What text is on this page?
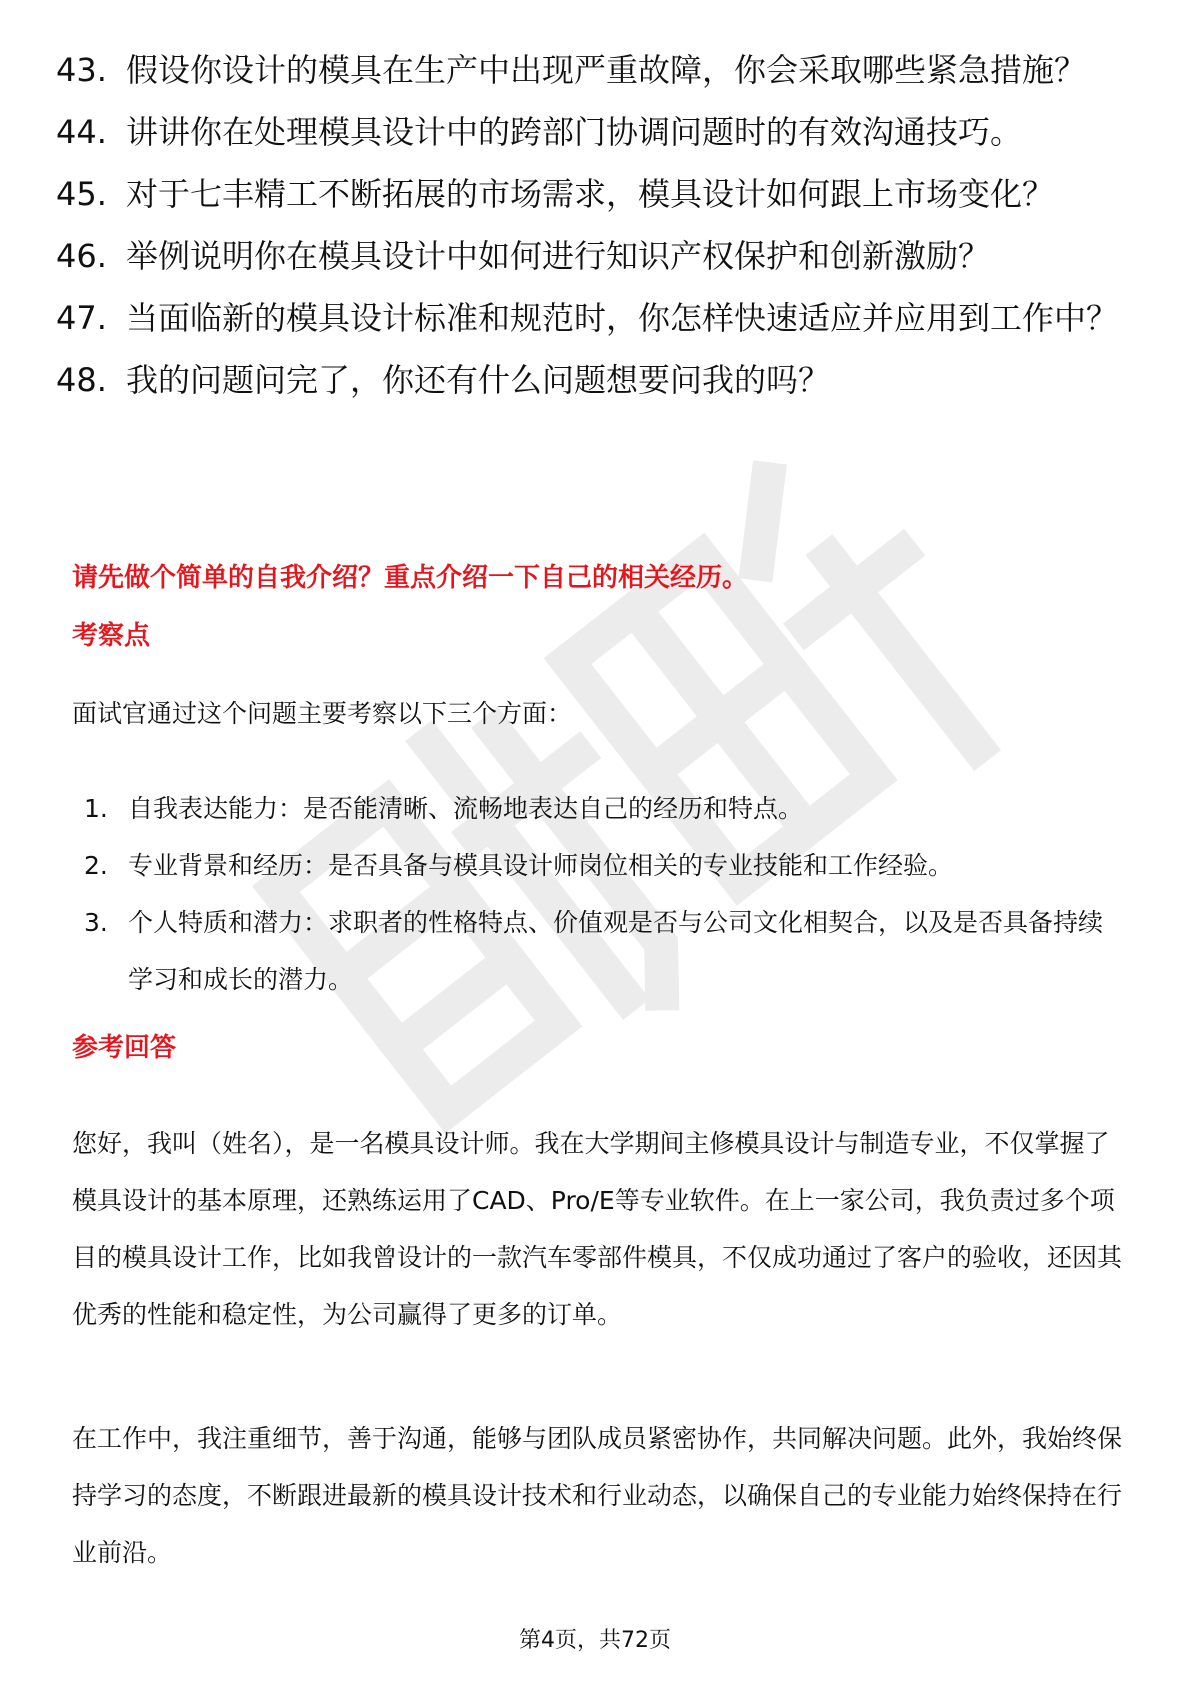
43. 假设你设计的模具在生产中出现严重故障，你会采取哪些紧急措施？
44. 讲讲你在处理模具设计中的跨部门协调问题时的有效沟通技巧。
45. 对于七丰精工不断拓展的市场需求，模具设计如何跟上市场变化？
46. 举例说明你在模具设计中如何进行知识产权保护和创新激励？
47. 当面临新的模具设计标准和规范时，你怎样快速适应并应用到工作中？
48. 我的问题问完了，你还有什么问题想要问我的吗？
请先做个简单的自我介绍？重点介绍一下自己的相关经历。
考察点
面试官通过这个问题主要考察以下三个方面：
1. 自我表达能力：是否能清晰、流畅地表达自己的经历和特点。
2. 专业背景和经历：是否具备与模具设计师岗位相关的专业技能和工作经验。
3. 个人特质和潜力：求职者的性格特点、价值观是否与公司文化相契合，以及是否具备持续学习和成长的潜力。
参考回答
您好，我叫（姓名），是一名模具设计师。我在大学期间主修模具设计与制造专业，不仅掌握了模具设计的基本原理，还熟练运用了CAD、Pro/E等专业软件。在上一家公司，我负责过多个项目的模具设计工作，比如我曾设计的一款汽车零部件模具，不仅成功通过了客户的验收，还因其优秀的性能和稳定性，为公司赢得了更多的订单。
在工作中，我注重细节，善于沟通，能够与团队成员紧密协作，共同解决问题。此外，我始终保持学习的态度，不断跟进最新的模具设计技术和行业动态，以确保自己的专业能力始终保持在行业前沿。
第4页，共72页
